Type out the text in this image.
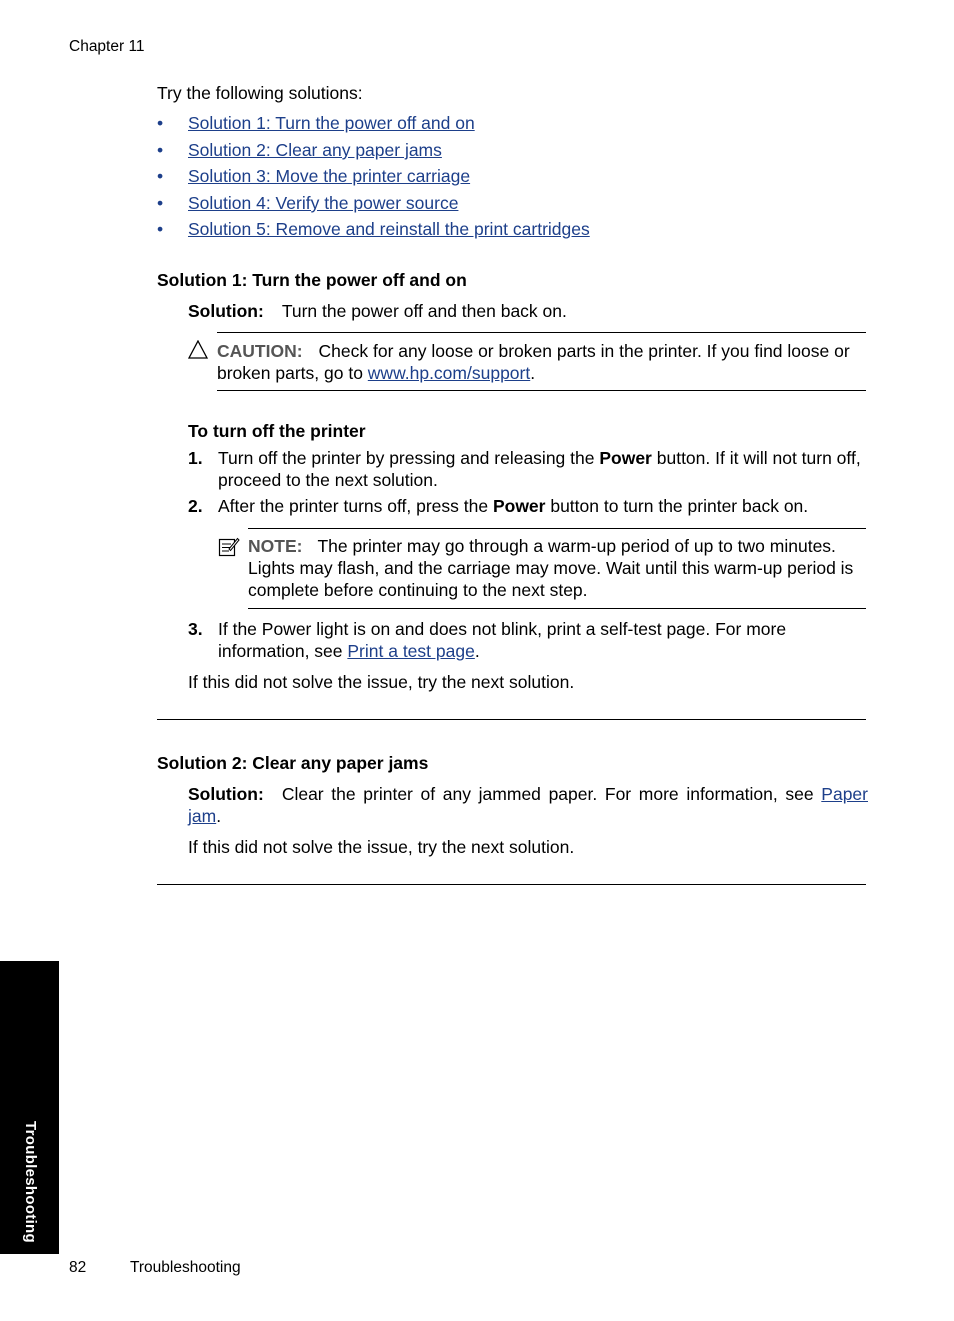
Chapter 11
Try the following solutions:
• Solution 1: Turn the power off and on
• Solution 2: Clear any paper jams
• Solution 3: Move the printer carriage
• Solution 4: Verify the power source
• Solution 5: Remove and reinstall the print cartridges
Solution 1: Turn the power off and on
Solution: Turn the power off and then back on.
CAUTION: Check for any loose or broken parts in the printer. If you find loose or broken parts, go to www.hp.com/support.
To turn off the printer
1. Turn off the printer by pressing and releasing the Power button. If it will not turn off, proceed to the next solution.
2. After the printer turns off, press the Power button to turn the printer back on.
NOTE: The printer may go through a warm-up period of up to two minutes. Lights may flash, and the carriage may move. Wait until this warm-up period is complete before continuing to the next step.
3. If the Power light is on and does not blink, print a self-test page. For more information, see Print a test page.
If this did not solve the issue, try the next solution.
Solution 2: Clear any paper jams
Solution: Clear the printer of any jammed paper. For more information, see Paper jam.
If this did not solve the issue, try the next solution.
Troubleshooting
82	Troubleshooting
